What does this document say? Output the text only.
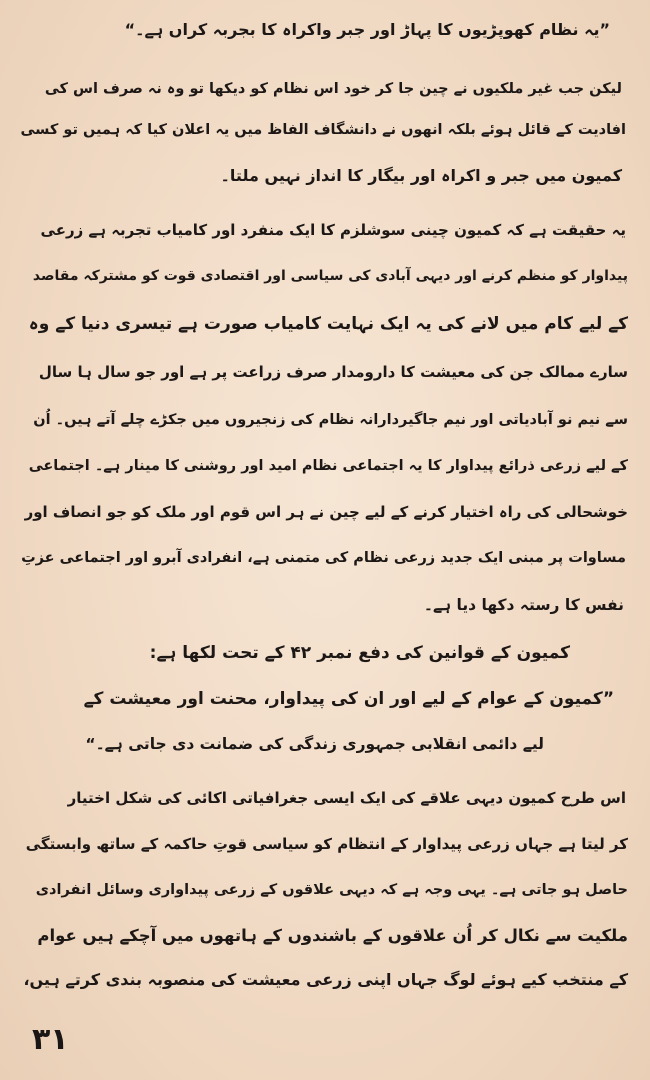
”یہ نظام کھوپڑیوں کا پہاڑ اور جبر واکراہ کا بجربہ کراں ہے۔“
لیکن جب غیر ملکیوں نے چین جا کر خود اس نظام کو دیکھا تو وہ نہ صرف اس کی
افادیت کے قائل ہوئے بلکہ انھوں نے دانشگاف الفاظ میں یہ اعلان کیا کہ ہمیں تو کسی
کمیون میں جبر و اکراہ اور بیگار کا انداز نہیں ملتا۔
یہ حقیقت ہے کہ کمیون چینی سوشلزم کا ایک منفرد اور کامیاب تجربہ ہے زرعی
پیداوار کو منظم کرنے اور دیہی آبادی کی سیاسی اور اقتصادی قوت کو مشترکہ مقاصد
کے لیے کام میں لانے کی یہ ایک نہایت کامیاب صورت ہے تیسری دنیا کے وہ
سارے ممالک جن کی معیشت کا دارومدار صرف زراعت پر ہے اور جو سال ہا سال
سے نیم نو آبادیاتی اور نیم جاگیردارانہ نظام کی زنجیروں میں جکڑے چلے آتے ہیں۔ اُن
کے لیے زرعی ذرائع پیداوار کا یہ اجتماعی نظام امید اور روشنی کا مینار ہے۔ اجتماعی
خوشحالی کی راہ اختیار کرنے کے لیے چین نے ہر اس قوم اور ملک کو جو انصاف اور
مساوات پر مبنی ایک جدید زرعی نظام کی متمنی ہے، انفرادی آبرو اور اجتماعی عزتِ
نفس کا رستہ دکھا دیا ہے۔
کمیون کے قوانین کی دفع نمبر ۴۲ کے تحت لکھا ہے:
”کمیون کے عوام کے لیے اور ان کی پیداوار، محنت اور معیشت کے
لیے دائمی انقلابی جمہوری زندگی کی ضمانت دی جاتی ہے۔“
اس طرح کمیون دیہی علاقے کی ایک ایسی جغرافیاتی اکائی کی شکل اختیار
کر لیتا ہے جہاں زرعی پیداوار کے انتظام کو سیاسی قوتِ حاکمہ کے ساتھ وابستگی
حاصل ہو جاتی ہے۔ یہی وجہ ہے کہ دیہی علاقوں کے زرعی پیداواری وسائل انفرادی
ملکیت سے نکال کر اُن علاقوں کے باشندوں کے ہاتھوں میں آچکے ہیں عوام
کے منتخب کیے ہوئے لوگ جہاں اپنی زرعی معیشت کی منصوبہ بندی کرتے ہیں،
٣١
